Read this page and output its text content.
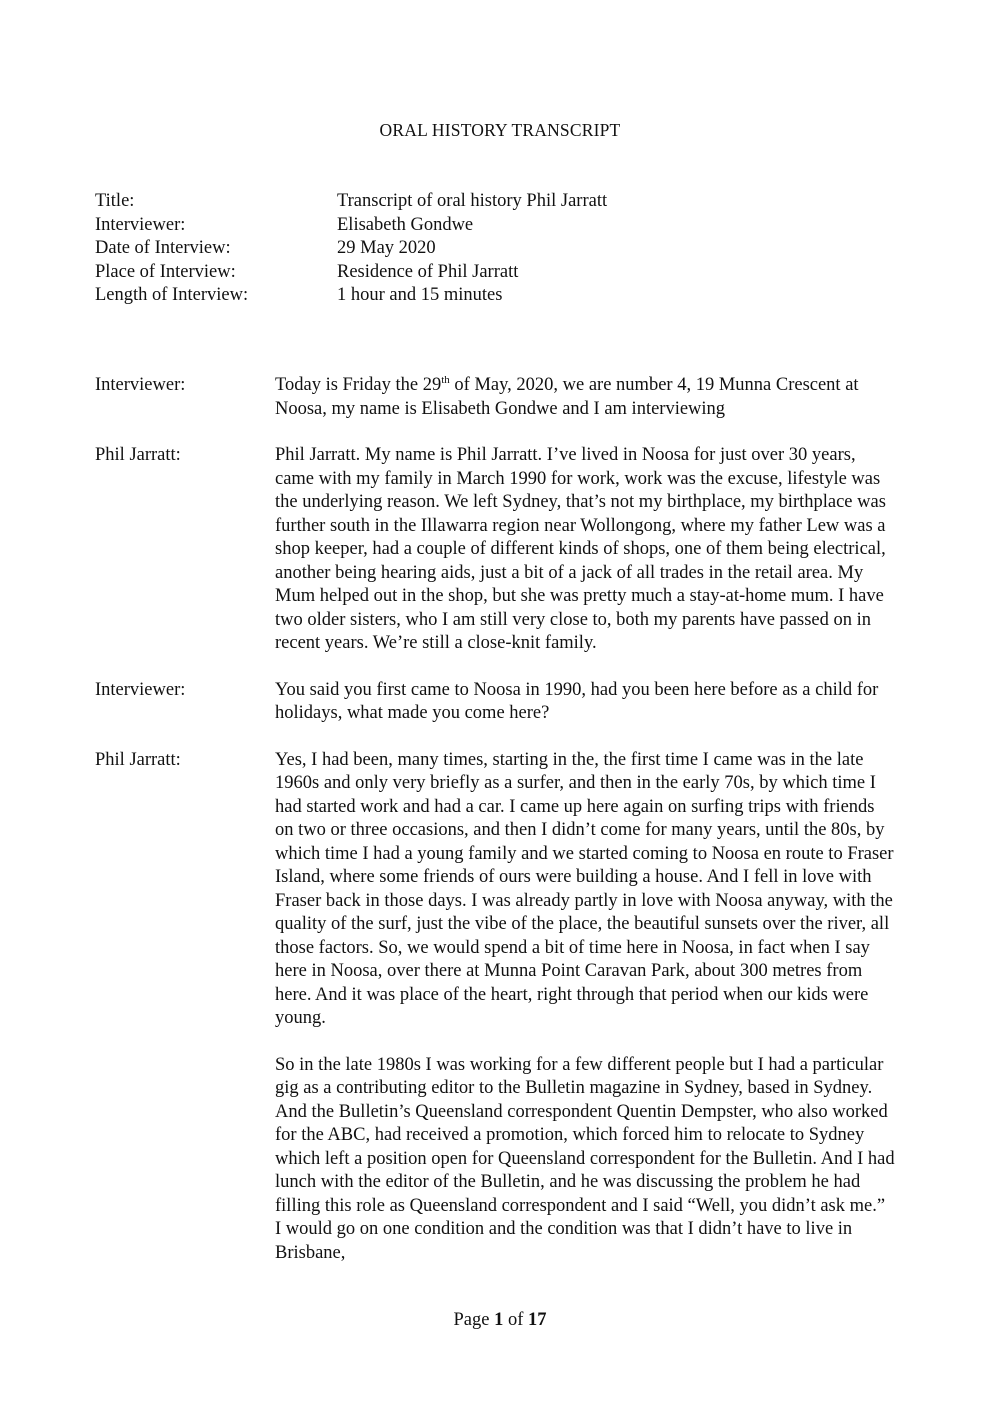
ORAL HISTORY TRANSCRIPT
Title:	Transcript of oral history Phil Jarratt
Interviewer:	Elisabeth Gondwe
Date of Interview:	29 May 2020
Place of Interview:	Residence of Phil Jarratt
Length of Interview:	1 hour and 15 minutes
Interviewer:	Today is Friday the 29th of May, 2020, we are number 4, 19 Munna Crescent at Noosa, my name is Elisabeth Gondwe and I am interviewing

Phil Jarratt:	Phil Jarratt. My name is Phil Jarratt. I’ve lived in Noosa for just over 30 years, came with my family in March 1990 for work, work was the excuse, lifestyle was the underlying reason. We left Sydney, that’s not my birthplace, my birthplace was further south in the Illawarra region near Wollongong, where my father Lew was a shop keeper, had a couple of different kinds of shops, one of them being electrical, another being hearing aids, just a bit of a jack of all trades in the retail area. My Mum helped out in the shop, but she was pretty much a stay-at-home mum. I have two older sisters, who I am still very close to, both my parents have passed on in recent years. We’re still a close-knit family.

Interviewer:	You said you first came to Noosa in 1990, had you been here before as a child for holidays, what made you come here?

Phil Jarratt:	Yes, I had been, many times, starting in the, the first time I came was in the late 1960s and only very briefly as a surfer, and then in the early 70s, by which time I had started work and had a car. I came up here again on surfing trips with friends on two or three occasions, and then I didn’t come for many years, until the 80s, by which time I had a young family and we started coming to Noosa en route to Fraser Island, where some friends of ours were building a house. And I fell in love with Fraser back in those days. I was already partly in love with Noosa anyway, with the quality of the surf, just the vibe of the place, the beautiful sunsets over the river, all those factors. So, we would spend a bit of time here in Noosa, in fact when I say here in Noosa, over there at Munna Point Caravan Park, about 300 metres from here. And it was place of the heart, right through that period when our kids were young.

So in the late 1980s I was working for a few different people but I had a particular gig as a contributing editor to the Bulletin magazine in Sydney, based in Sydney. And the Bulletin’s Queensland correspondent Quentin Dempster, who also worked for the ABC, had received a promotion, which forced him to relocate to Sydney which left a position open for Queensland correspondent for the Bulletin. And I had lunch with the editor of the Bulletin, and he was discussing the problem he had filling this role as Queensland correspondent and I said “Well, you didn’t ask me.” I would go on one condition and the condition was that I didn’t have to live in Brisbane,

Page 1 of 17
